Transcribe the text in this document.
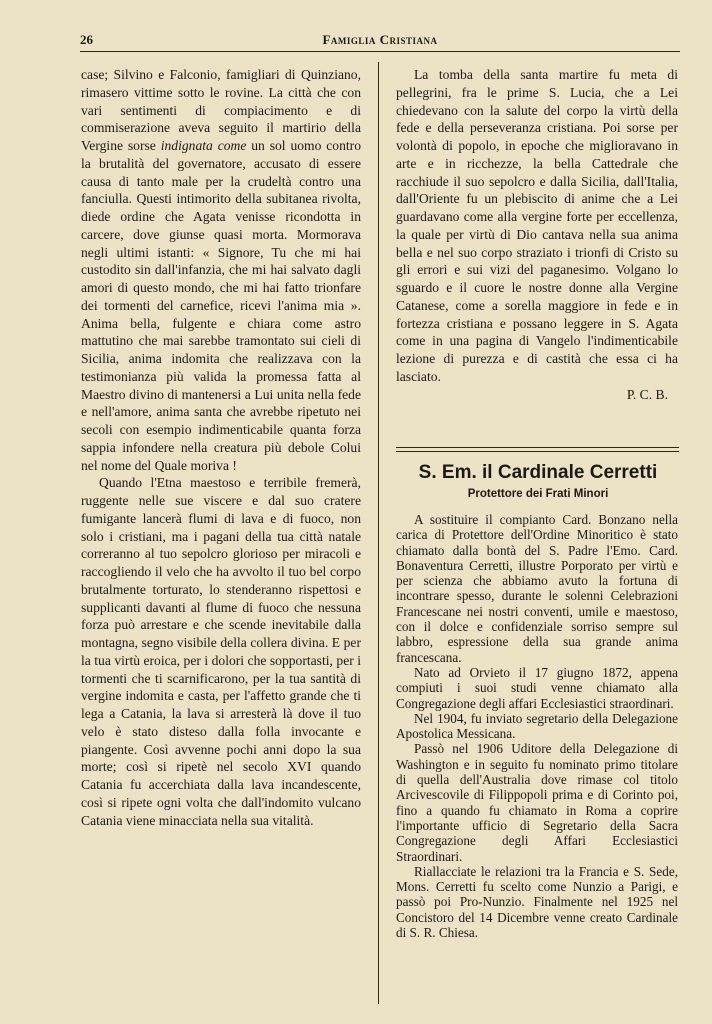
26	Famiglia Cristiana

case; Silvino e Falconio, famigliari di Quinziano, rimasero vittime sotto le rovine. La città che con vari sentimenti di compiacimento e di commiserazione aveva seguito il martirio della Vergine sorse indignata come un sol uomo contro la brutalità del governatore, accusato di essere causa di tanto male per la crudeltà contro una fanciulla. Questi intimorito della subitanea rivolta, diede ordine che Agata venisse ricondotta in carcere, dove giunse quasi morta. Mormorava negli ultimi istanti: « Signore, Tu che mi hai custodito sin dall'infanzia, che mi hai salvato dagli amori di questo mondo, che mi hai fatto trionfare dei tormenti del carnefice, ricevi l'anima mia ». Anima bella, fulgente e chiara come astro mattutino che mai sarebbe tramontato sui cieli di Sicilia, anima indomita che realizzava con la testimonianza più valida la promessa fatta al Maestro divino di mantenersi a Lui unita nella fede e nell'amore, anima santa che avrebbe ripetuto nei secoli con esempio indimenticabile quanta forza sappia infondere nella creatura più debole Colui nel nome del Quale moriva !

Quando l'Etna maestoso e terribile fremerà, ruggente nelle sue viscere e dal suo cratere fumigante lancerà flumi di lava e di fuoco, non solo i cristiani, ma i pagani della tua città natale correranno al tuo sepolcro glorioso per miracoli e raccogliendo il velo che ha avvolto il tuo bel corpo brutalmente torturato, lo stenderanno rispettosi e supplicanti davanti al flume di fuoco che nessuna forza può arrestare e che scende inevitabile dalla montagna, segno visibile della collera divina. E per la tua virtù eroica, per i dolori che sopportasti, per i tormenti che ti scarnificarono, per la tua santità di vergine indomita e casta, per l'affetto grande che ti lega a Catania, la lava si arresterà là dove il tuo velo è stato disteso dalla folla invocante e piangente. Così avvenne pochi anni dopo la sua morte; così si ripetè nel secolo XVI quando Catania fu accerchiata dalla lava incandescente, così si ripete ogni volta che dall'indomito vulcano Catania viene minacciata nella sua vitalità.

La tomba della santa martire fu meta di pellegrini, fra le prime S. Lucia, che a Lei chiedevano con la salute del corpo la virtù della fede e della perseveranza cristiana. Poi sorse per volontà di popolo, in epoche che miglioravano in arte e in ricchezze, la bella Cattedrale che racchiude il suo sepolcro e dalla Sicilia, dall'Italia, dall'Oriente fu un plebiscito di anime che a Lei guardavano come alla vergine forte per eccellenza, la quale per virtù di Dio cantava nella sua anima bella e nel suo corpo straziato i trionfi di Cristo su gli errori e sui vizi del paganesimo. Volgano lo sguardo e il cuore le nostre donne alla Vergine Catanese, come a sorella maggiore in fede e in fortezza cristiana e possano leggere in S. Agata come in una pagina di Vangelo l'indimenticabile lezione di purezza e di castità che essa ci ha lasciato.

P. C. B.
S. Em. il Cardinale Cerretti
Protettore dei Frati Minori

A sostituire il compianto Card. Bonzano nella carica di Protettore dell'Ordine Minoritico è stato chiamato dalla bontà del S. Padre l'Emo. Card. Bonaventura Cerretti, illustre Porporato per virtù e per scienza che abbiamo avuto la fortuna di incontrare spesso, durante le solenni Celebrazioni Francescane nei nostri conventi, umile e maestoso, con il dolce e confidenziale sorriso sempre sul labbro, espressione della sua grande anima francescana.

Nato ad Orvieto il 17 giugno 1872, appena compiuti i suoi studi venne chiamato alla Congregazione degli affari Ecclesiastici straordinari.

Nel 1904, fu inviato segretario della Delegazione Apostolica Messicana.

Passò nel 1906 Uditore della Delegazione di Washington e in seguito fu nominato primo titolare di quella dell'Australia dove rimase col titolo Arcivescovile di Filippopoli prima e di Corinto poi, fino a quando fu chiamato in Roma a coprire l'importante ufficio di Segretario della Sacra Congregazione degli Affari Ecclesiastici Straordinari.

Riallacciate le relazioni tra la Francia e S. Sede, Mons. Cerretti fu scelto come Nunzio a Parigi, e passò poi Pro-Nunzio. Finalmente nel 1925 nel Concistoro del 14 Dicembre venne creato Cardinale di S. R. Chiesa.
